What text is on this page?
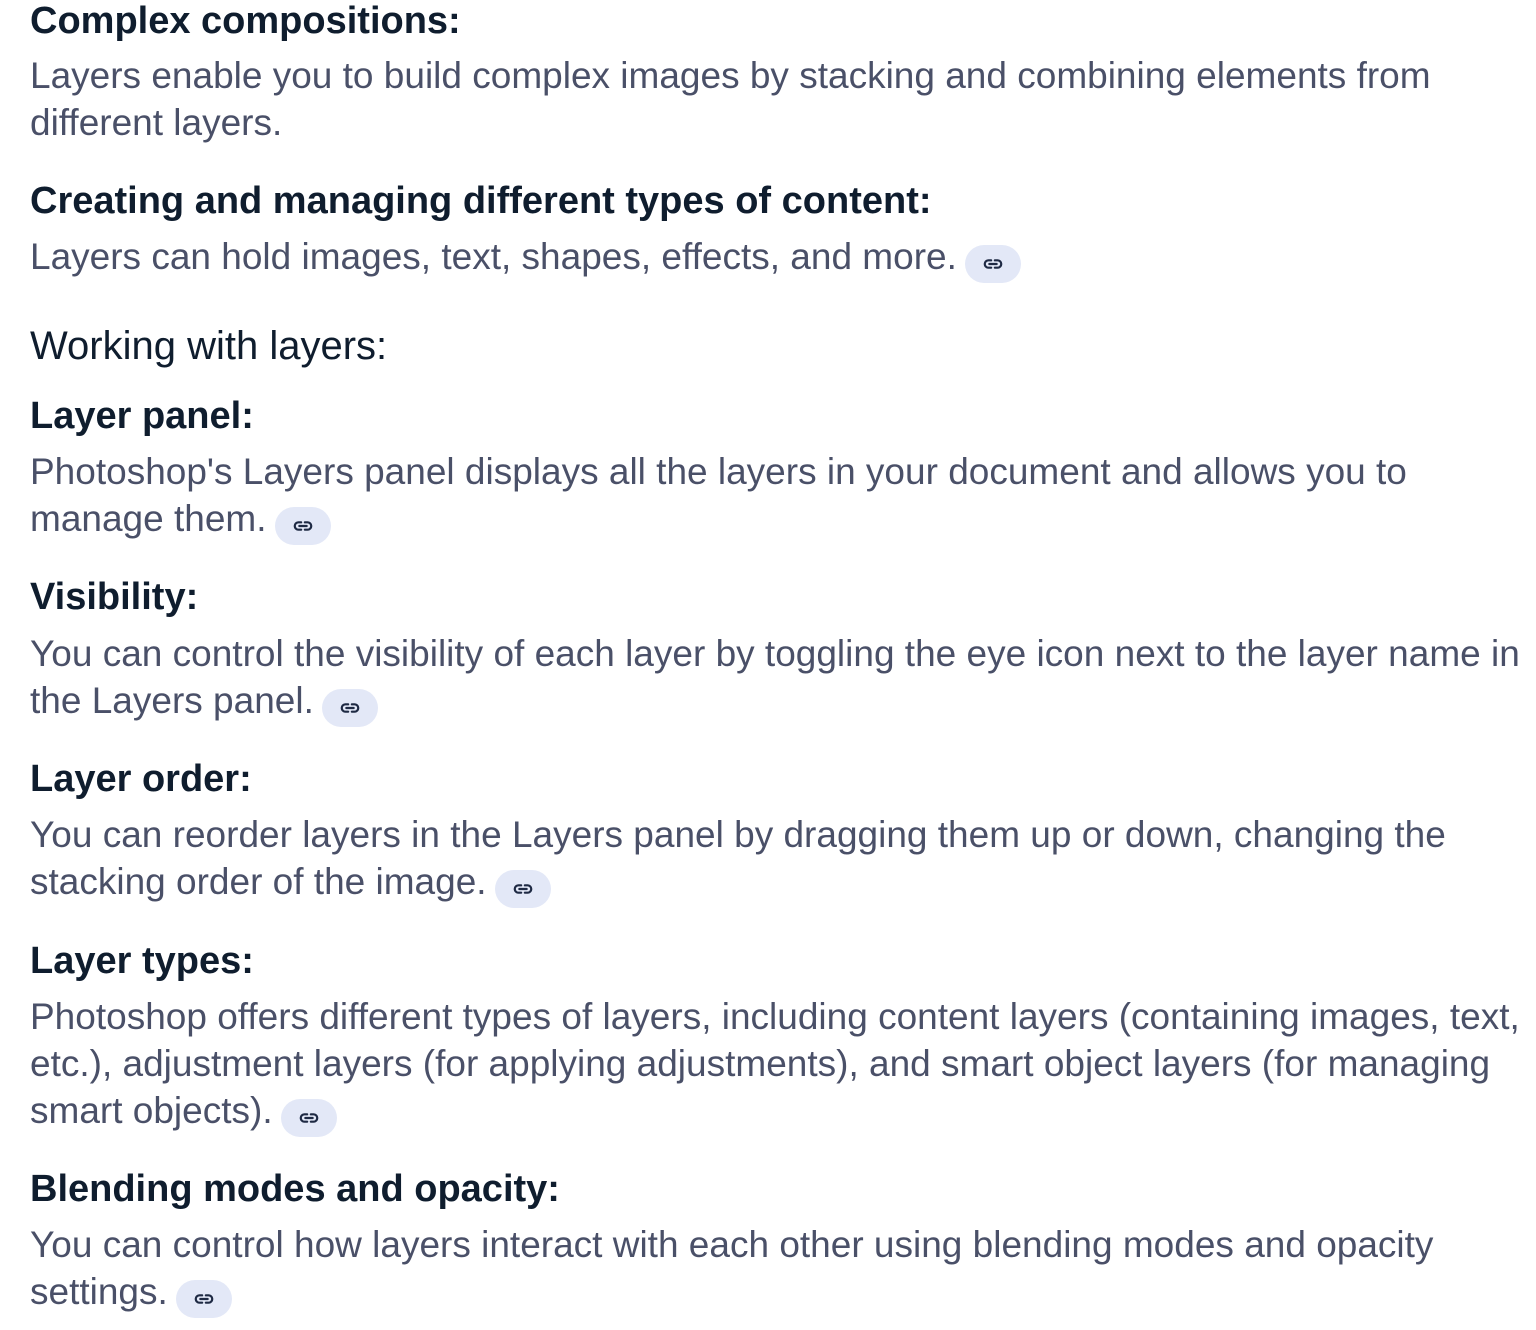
Complex compositions:

Layers enable you to build complex images by stacking and combining elements from different layers.

Creating and managing different types of content:

Layers can hold images, text, shapes, effects, and more.

Working with layers:
Layer panel:

Photoshop's Layers panel displays all the layers in your document and allows you to manage them.

Visibility:

You can control the visibility of each layer by toggling the eye icon next to the layer name in the Layers panel.

Layer order:

You can reorder layers in the Layers panel by dragging them up or down, changing the stacking order of the image.

Layer types:

Photoshop offers different types of layers, including content layers (containing images, text, etc.), adjustment layers (for applying adjustments), and smart object layers (for managing smart objects).

Blending modes and opacity:

You can control how layers interact with each other using blending modes and opacity settings.
